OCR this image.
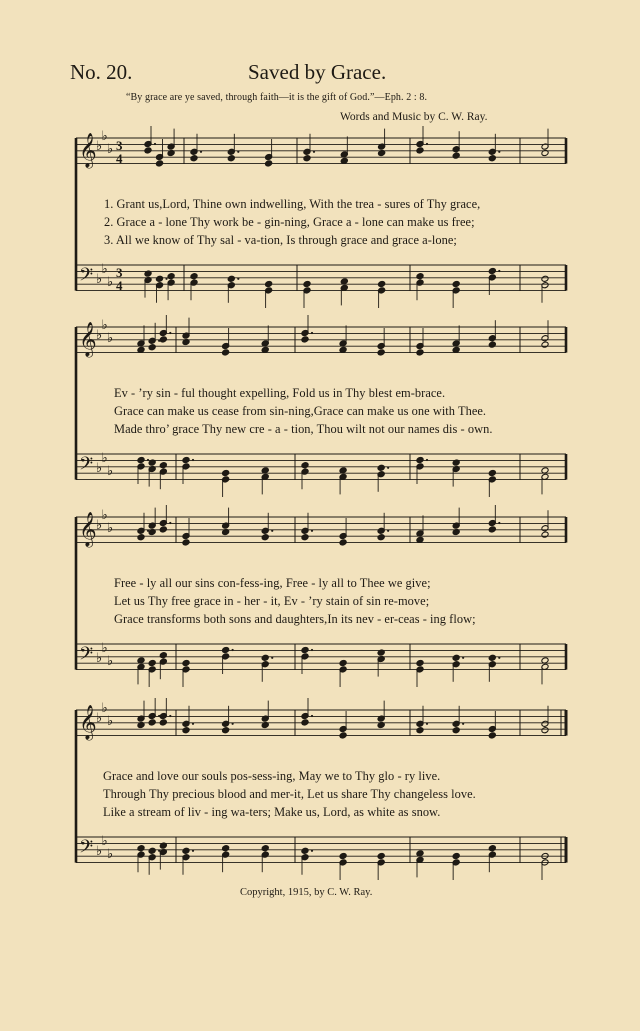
No. 20.	Saved by Grace.
“By grace are ye saved, through faith—it is the gift of God.”—Eph. 2 : 8.
Words and Music by C. W. Ray.
𝄞 ♭
♭
♭ 3
4
𝄢 ♭
♭
♭
3
4
1. Grant us,Lord, Thine own indwelling, With the trea - sures of Thy grace,
2. Grace a - lone Thy work be - gin-ning, Grace a - lone can make us free;
3. All we know of Thy sal - va-tion, Is through grace and grace a-lone;
𝄞 ♭
♭
♭
𝄢 ♭
♭
♭
Ev - ’ry sin - ful thought expelling, Fold us in Thy blest em-brace.
Grace can make us cease from sin-ning,Grace can make us one with Thee.
Made thro’ grace Thy new cre - a - tion, Thou wilt not our names dis - own.
𝄞 ♭
♭
♭
𝄢 ♭
♭
♭
Free - ly all our sins con-fess-ing, Free - ly all to Thee we give;
Let us Thy free grace in - her - it, Ev - ’ry stain of sin re-move;
Grace transforms both sons and daughters,In its nev - er-ceas - ing flow;
𝄞 ♭
♭
♭
𝄢 ♭
♭
♭
Grace and love our souls pos-sess-ing, May we to Thy glo - ry live.
Through Thy precious blood and mer-it, Let us share Thy changeless love.
Like a stream of liv - ing wa-ters; Make us, Lord, as white as snow.
Copyright, 1915, by C. W. Ray.
